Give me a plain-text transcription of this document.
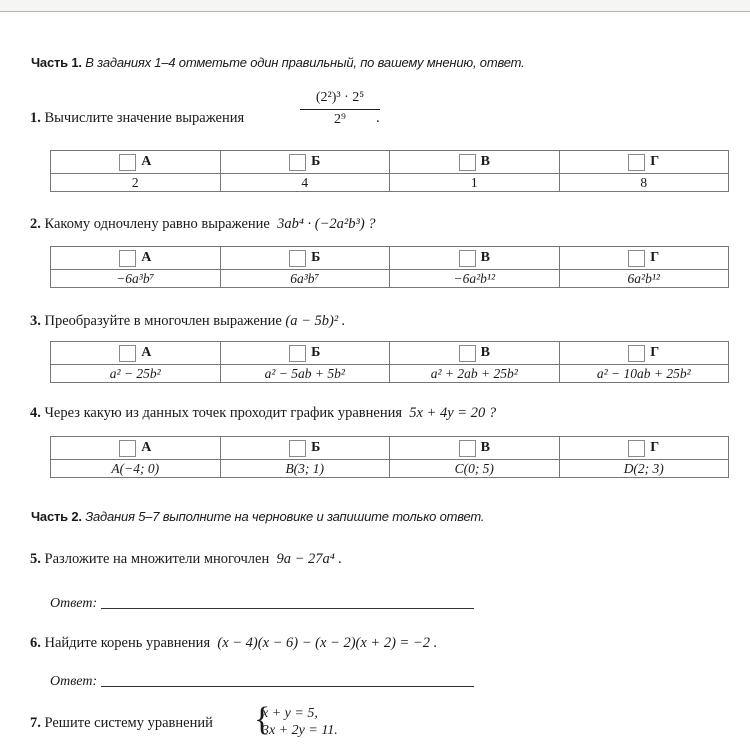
Часть 1. В заданиях 1–4 отметьте один правильный, по вашему мнению, ответ.
1. Вычислите значение выражения	$\frac{\text{(2²)³ · 2⁵}}{\text{2⁹}}$
.
А	Б	В	Г
2	4	1	8
2. Какому одночлену равно выражение 3ab⁴ · (−2a²b³) ?
А	Б	В	Г
−6a³b⁷	6a³b⁷	−6a²b¹²	6a²b¹²
3. Преобразуйте в многочлен выражение (a − 5b)² .
А	Б	В	Г
a² − 25b²	a² − 5ab + 5b²	a² + 2ab + 25b²	a² − 10ab + 25b²
4. Через какую из данных точек проходит график уравнения 5x + 4y = 20 ?
А	Б	В	Г
A(−4; 0)	B(3; 1)	C(0; 5)	D(2; 3)
Часть 2. Задания 5–7 выполните на черновике и запишите только ответ.
5. Разложите на множители многочлен 9a − 27a⁴ .
Ответ:
6. Найдите корень уравнения (x − 4)(x − 6) − (x − 2)(x + 2) = −2 .
Ответ:
7. Решите систему уравнений {
x + y = 5,
3x + 2y = 11.
